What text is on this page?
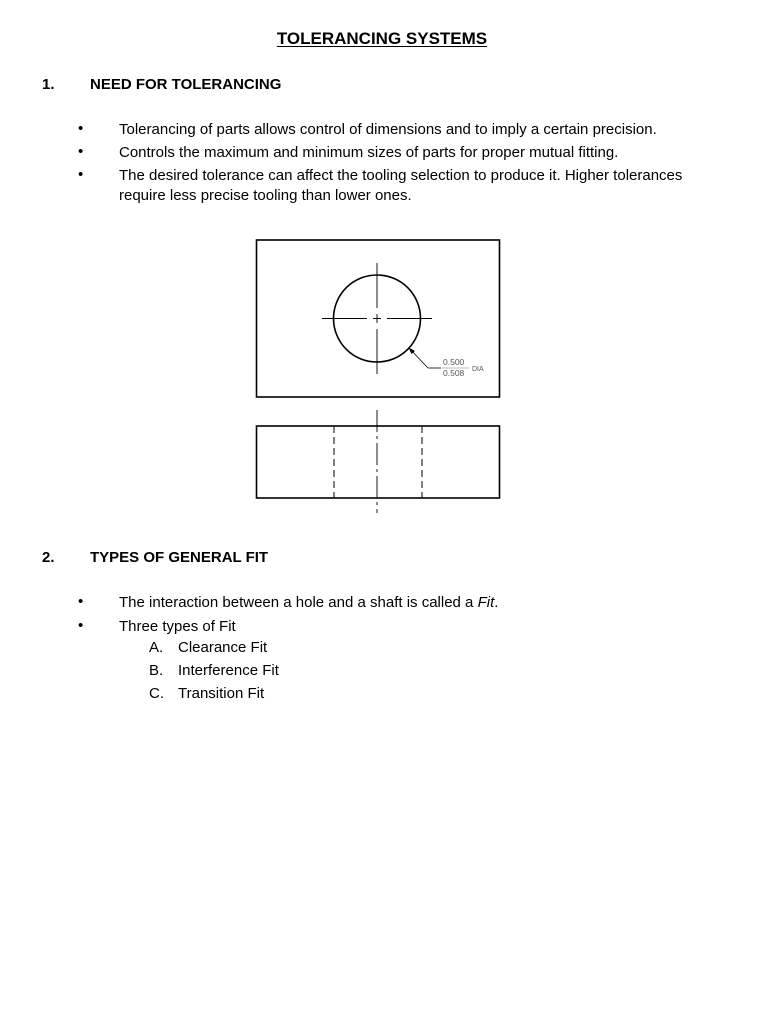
TOLERANCING SYSTEMS
1. NEED FOR TOLERANCING
• Tolerancing of parts allows control of dimensions and to imply a certain precision.
• Controls the maximum and minimum sizes of parts for proper mutual fitting.
• The desired tolerance can affect the tooling selection to produce it. Higher tolerances require less precise tooling than lower ones.
0.500
0.508 DIA
2. TYPES OF GENERAL FIT
• The interaction between a hole and a shaft is called a Fit.
• Three types of Fit
A. Clearance Fit
B. Interference Fit
C. Transition Fit
